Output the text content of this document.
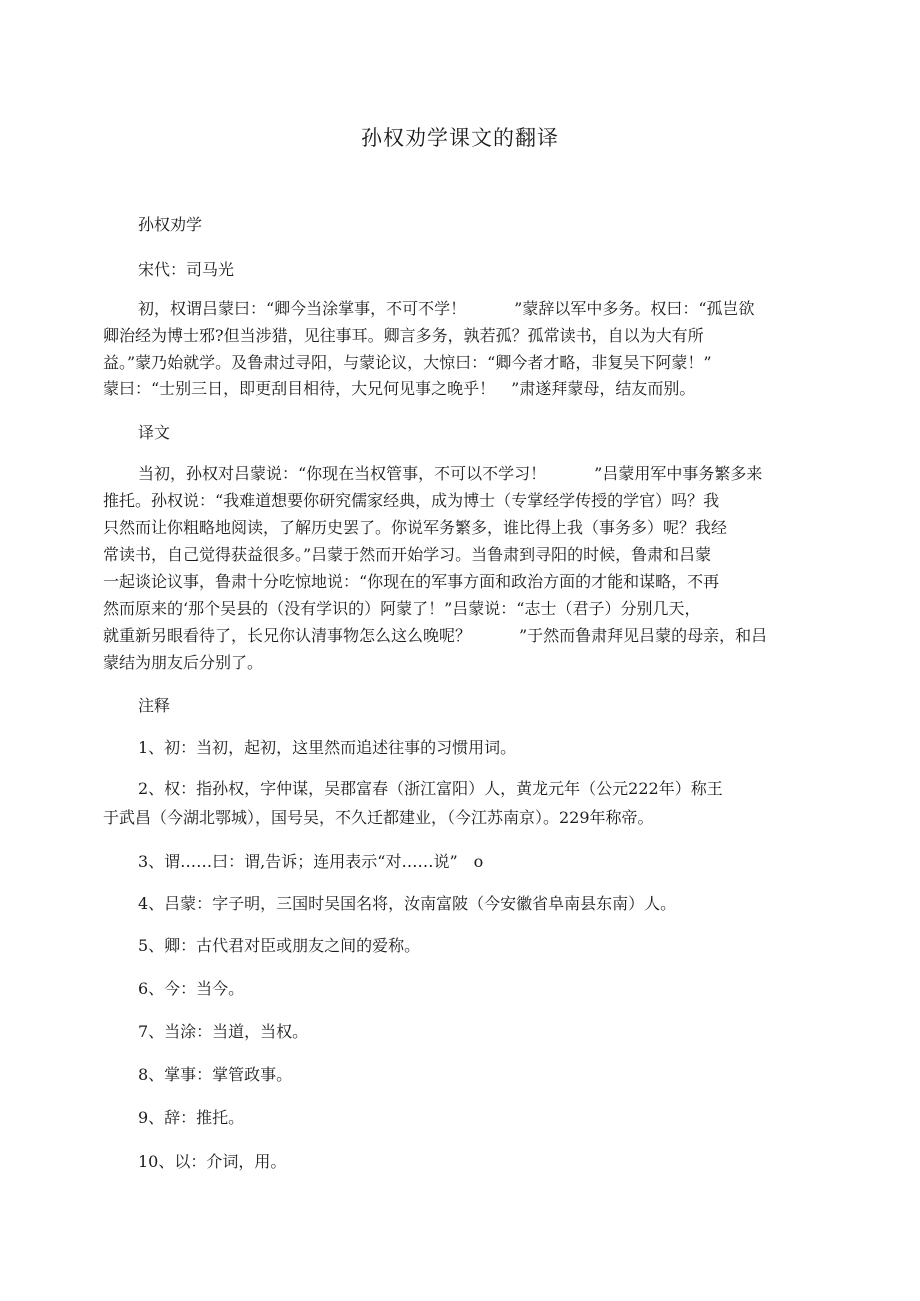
孙权劝学课文的翻译
孙权劝学
宋代：司马光
初，权谓吕蒙曰：“卿今当涂掌事，不可不学！　　　”蒙辞以军中多务。权曰：“孤岂欲
卿治经为博士邪?但当涉猎，见往事耳。卿言多务，孰若孤？孤常读书，自以为大有所
益。”蒙乃始就学。及鲁肃过寻阳，与蒙论议，大惊曰：“卿今者才略，非复吴下阿蒙！”
蒙曰：“士别三日，即更刮目相待，大兄何见事之晚乎！　”肃遂拜蒙母，结友而别。
译文
当初，孙权对吕蒙说：“你现在当权管事，不可以不学习！　　　”吕蒙用军中事务繁多来
推托。孙权说：“我难道想要你研究儒家经典，成为博士（专掌经学传授的学官）吗？我
只然而让你粗略地阅读，了解历史罢了。你说军务繁多，谁比得上我（事务多）呢？我经
常读书，自己觉得获益很多。”吕蒙于然而开始学习。当鲁肃到寻阳的时候，鲁肃和吕蒙
一起谈论议事，鲁肃十分吃惊地说：“你现在的军事方面和政治方面的才能和谋略，不再
然而原来的‘那个吴县的（没有学识的）阿蒙了！”吕蒙说：“志士（君子）分别几天，
就重新另眼看待了，长兄你认清事物怎么这么晚呢？　　　”于然而鲁肃拜见吕蒙的母亲，和吕
蒙结为朋友后分别了。
注释
1、初：当初，起初，这里然而追述往事的习惯用词。
2、权：指孙权，字仲谋，吴郡富春（浙江富阳）人，黄龙元年（公元222年）称王
于武昌（今湖北鄂城），国号吴，不久迁都建业，（今江苏南京）。229年称帝。
3、谓……曰：谓,告诉；连用表示“对……说”　o
4、吕蒙：字子明，三国时吴国名将，汝南富陂（今安徽省阜南县东南）人。
5、卿：古代君对臣或朋友之间的爱称。
6、今：当今。
7、当涂：当道，当权。
8、掌事：掌管政事。
9、辞：推托。
10、以：介词，用。
